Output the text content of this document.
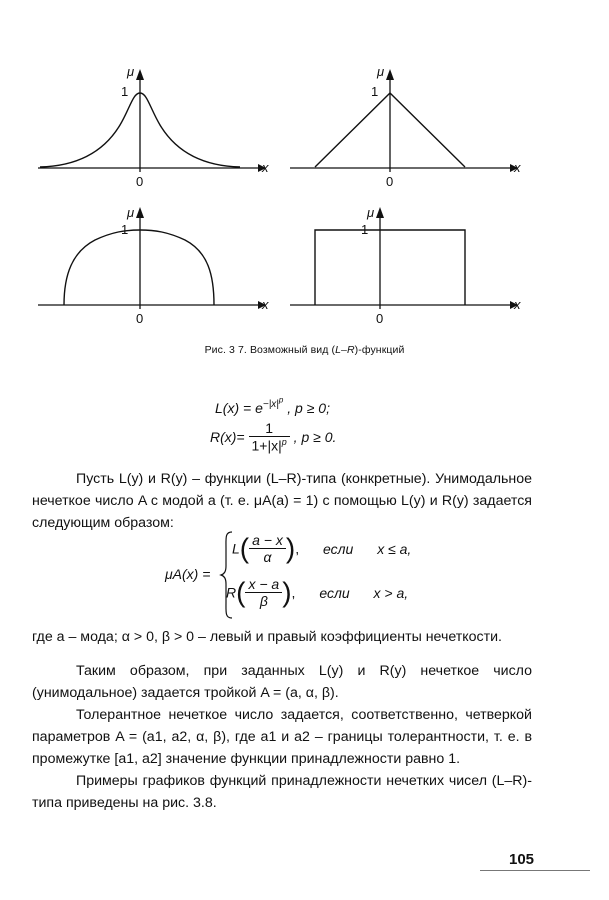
μ
1
x
0
μ
1
x
0
μ
1
x
0
μ
1
x
0
Рис. 3 7. Возможный вид (L–R)-функций
$L(x) = e^{-|x|^p}$ , p ≥ 0;
$R(x)= \frac{1}{1+|x|^p}$ , p ≥ 0.
Пусть L(y) и R(y) – функции (L–R)-типа (конкретные). Унимодальное нечеткое число A с модой a (т. е. μA(a) = 1) с помощью L(y) и R(y) задается следующим образом:
μA(x) =
$L( \frac{a - x}{\alpha}$ ), если x ≤ a,
$R( \frac{x - a}{\beta}$ ), если x > a,
где a – мода; α > 0, β > 0 – левый и правый коэффициенты нечеткости.
Таким образом, при заданных L(y) и R(y) нечеткое число (унимодальное) задается тройкой A = (a, α, β).
Толерантное нечеткое число задается, соответственно, четверкой параметров A = (a1, a2, α, β), где a1 и a2 – границы толерантности, т. е. в промежутке [a1, a2] значение функции принадлежности равно 1.
Примеры графиков функций принадлежности нечетких чисел (L–R)-типа приведены на рис. 3.8.
105
